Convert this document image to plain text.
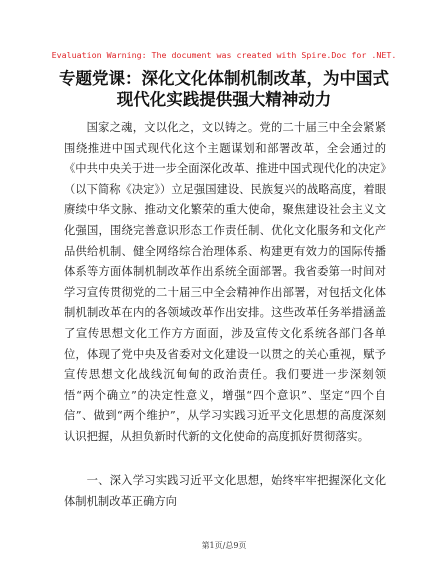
Evaluation Warning: The document was created with Spire.Doc for .NET.
专题党课：深化文化体制机制改革，为中国式现代化实践提供强大精神动力

国家之魂，文以化之，文以铸之。党的二十届三中全会紧紧围绕推进中国式现代化这个主题谋划和部署改革，全会通过的《中共中央关于进一步全面深化改革、推进中国式现代化的决定》（以下简称《决定》）立足强国建设、民族复兴的战略高度，着眼赓续中华文脉、推动文化繁荣的重大使命，聚焦建设社会主义文化强国，围绕完善意识形态工作责任制、优化文化服务和文化产品供给机制、健全网络综合治理体系、构建更有效力的国际传播体系等方面体制机制改革作出系统全面部署。我省委第一时间对学习宣传贯彻党的二十届三中全会精神作出部署，对包括文化体制机制改革在内的各领域改革作出安排。这些改革任务举措涵盖了宣传思想文化工作方方面面，涉及宣传文化系统各部门各单位，体现了党中央及省委对文化建设一以贯之的关心重视，赋予宣传思想文化战线沉甸甸的政治责任。我们要进一步深刻领悟“两个确立”的决定性意义，增强“四个意识”、坚定“四个自信”、做到“两个维护”，从学习实践习近平文化思想的高度深刻认识把握，从担负新时代新的文化使命的高度抓好贯彻落实。

一、深入学习实践习近平文化思想，始终牢牢把握深化文化体制机制改革正确方向

第1页/总9页
